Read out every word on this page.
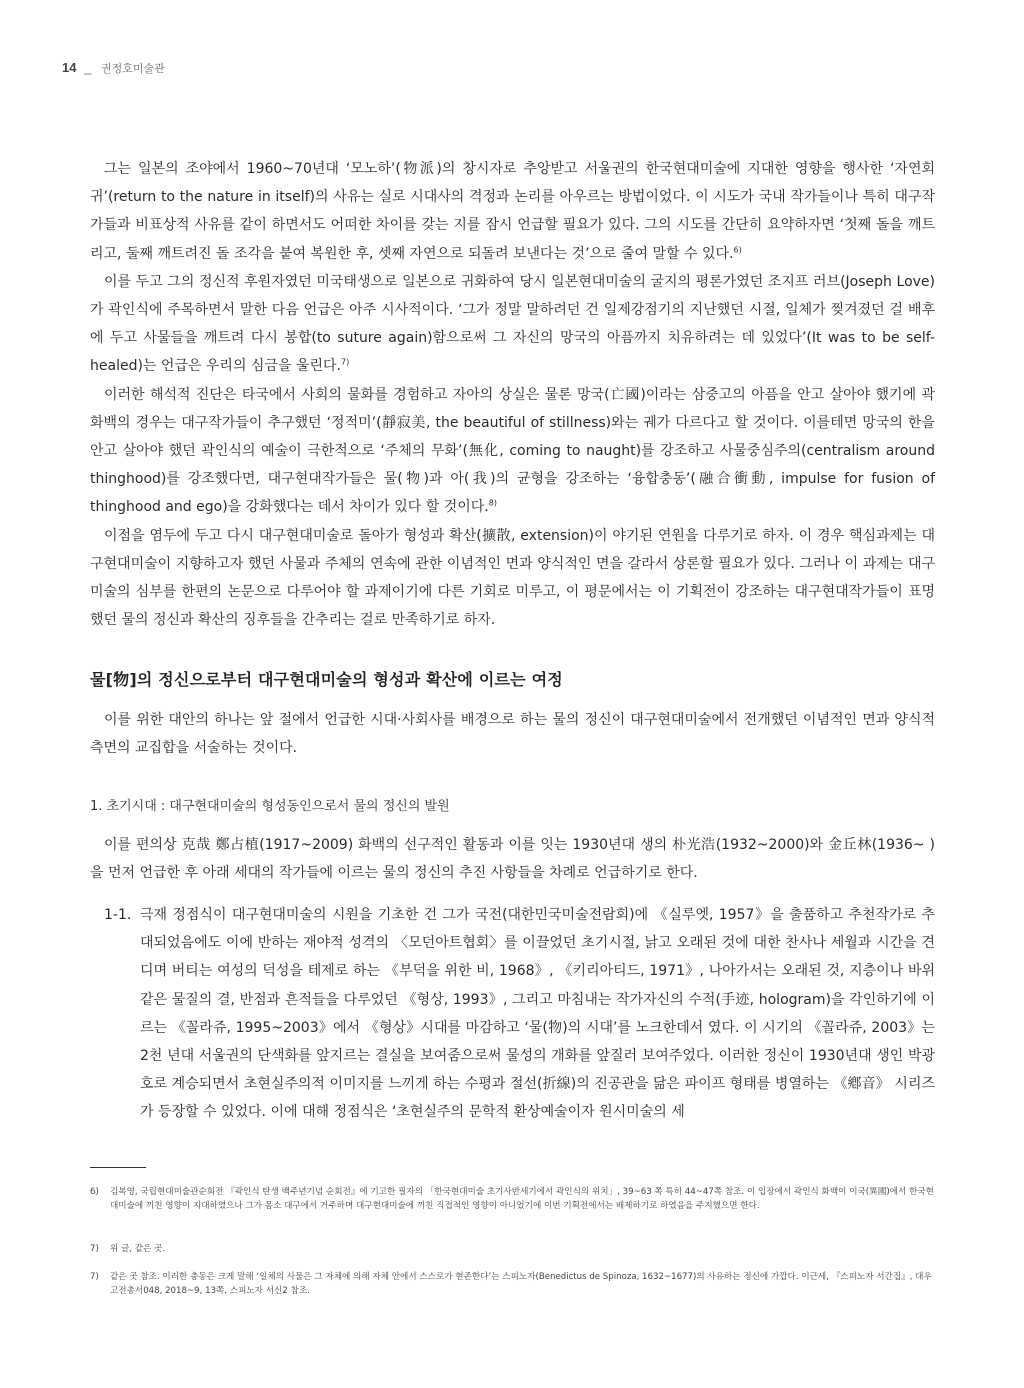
14 _ 권정호미술관

그는 일본의 조야에서 1960~70년대 ‘모노하’(物派)의 창시자로 추앙받고 서울권의 한국현대미술에 지대한 영향을 행사한 ‘자연회귀’(return to the nature in itself)의 사유는 실로 시대사의 격정과 논리를 아우르는 방법이었다. 이 시도가 국내 작가들이나 특히 대구작가들과 비표상적 사유를 같이 하면서도 어떠한 차이를 갖는 지를 잠시 언급할 필요가 있다. 그의 시도를 간단히 요약하자면 ‘첫째 돌을 깨트리고, 둘째 깨트려진 돌 조각을 붙여 복원한 후, 셋째 자연으로 되돌려 보낸다는 것’으로 줄여 말할 수 있다.$^{6)}$

이를 두고 그의 정신적 후원자였던 미국태생으로 일본으로 귀화하여 당시 일본현대미술의 굴지의 평론가였던 조지프 러브(Joseph Love)가 곽인식에 주목하면서 말한 다음 언급은 아주 시사적이다. ‘그가 정말 말하려던 건 일제강점기의 지난했던 시절, 일체가 찢겨졌던 걸 배후에 두고 사물들을 깨트려 다시 봉합(to suture again)함으로써 그 자신의 망국의 아픔까지 치유하려는 데 있었다’(It was to be self-healed)는 언급은 우리의 심금을 울린다.$^{7)}$

이러한 해석적 진단은 타국에서 사회의 물화를 경험하고 자아의 상실은 물론 망국(亡國)이라는 삼중고의 아픔을 안고 살아야 했기에 곽 화백의 경우는 대구작가들이 추구했던 ‘정적미’(靜寂美, the beautiful of stillness)와는 궤가 다르다고 할 것이다. 이를테면 망국의 한을 안고 살아야 했던 곽인식의 예술이 극한적으로 ‘주체의 무화’(無化, coming to naught)를 강조하고 사물중심주의(centralism around thinghood)를 강조했다면, 대구현대작가들은 물(物)과 아(我)의 균형을 강조하는 ‘융합충동’(融合衝動, impulse for fusion of thinghood and ego)을 강화했다는 데서 차이가 있다 할 것이다.$^{8)}$

이점을 염두에 두고 다시 대구현대미술로 돌아가 형성과 확산(擴散, extension)이 야기된 연원을 다루기로 하자. 이 경우 핵심과제는 대구현대미술이 지향하고자 했던 사물과 주체의 연속에 관한 이념적인 면과 양식적인 면을 갈라서 상론할 필요가 있다. 그러나 이 과제는 대구미술의 심부를 한편의 논문으로 다루어야 할 과제이기에 다른 기회로 미루고, 이 평문에서는 이 기획전이 강조하는 대구현대작가들이 표명했던 물의 정신과 확산의 징후들을 간추리는 걸로 만족하기로 하자.

물[物]의 정신으로부터 대구현대미술의 형성과 확산에 이르는 여정

이를 위한 대안의 하나는 앞 절에서 언급한 시대·사회사를 배경으로 하는 물의 정신이 대구현대미술에서 전개했던 이념적인 면과 양식적 측면의 교집합을 서술하는 것이다.

1. 초기시대 : 대구현대미술의 형성동인으로서 물의 정신의 발원

이를 편의상 克哉 鄭占植(1917~2009) 화백의 선구적인 활동과 이를 잇는 1930년대 생의 朴光浩(1932~2000)와 金丘林(1936~ )을 먼저 언급한 후 아래 세대의 작가들에 이르는 물의 정신의 추진 사항들을 차례로 언급하기로 한다.

1-1. 극재 정점식이 대구현대미술의 시원을 기초한 건 그가 국전(대한민국미술전람회)에 《실루엣, 1957》을 출품하고 추천작가로 추대되었음에도 이에 반하는 재야적 성격의 〈모던아트협회〉를 이끌었던 초기시절, 낡고 오래된 것에 대한 찬사나 세월과 시간을 견디며 버티는 여성의 덕성을 테제로 하는 《부덕을 위한 비, 1968》, 《키리아티드, 1971》, 나아가서는 오래된 것, 지층이나 바위 같은 물질의 결, 반점과 흔적들을 다루었던 《형상, 1993》, 그리고 마침내는 작가자신의 수적(手迹, hologram)을 각인하기에 이르는 《꼴라쥬, 1995~2003》에서 《형상》시대를 마감하고 ‘물(物)의 시대’를 노크한데서 였다. 이 시기의 《꼴라쥬, 2003》는 2천 년대 서울권의 단색화를 앞지르는 결실을 보여줌으로써 물성의 개화를 앞질러 보여주었다. 이러한 정신이 1930년대 생인 박광호로 계승되면서 초현실주의적 이미지를 느끼게 하는 수평과 절선(折線)의 진공관을 닮은 파이프 형태를 병열하는 《鄕音》 시리즈가 등장할 수 있었다. 이에 대해 정점식은 ‘초현실주의 문학적 환상예술이자 원시미술의 세
6)	김복영, 국립현대미술관순회전 『곽인식 탄생 백주년기념 순회전』에 기고한 필자의 「한국현대미술 초기사반세기에서 곽인식의 위치」, 39~63 쪽 특히 44~47쪽 참조. 이 입장에서 곽인식 화백이 이국(異國)에서 한국현대미술에 끼친 영향이 지대하였으나 그가 몸소 대구에서 거주하며 대구현대미술에 끼친 직접적인 영향이 아니었기에 이번 기획전에서는 배제하기로 하였음을 주지했으면 한다.
7)	위 글, 같은 곳.
7)	같은 곳 참조. 이러한 충동은 크게 말해 ‘일체의 사물은 그 자체에 의해 자체 안에서 스스로가 현존한다’는 스피노자(Benedictus de Spinoza, 1632~1677)의 사유하는 정신에 가깝다. 이근세, 『스피노자 서간집』, 대우고전총서048, 2018~9, 13쪽, 스피노자 서신2 참조.
